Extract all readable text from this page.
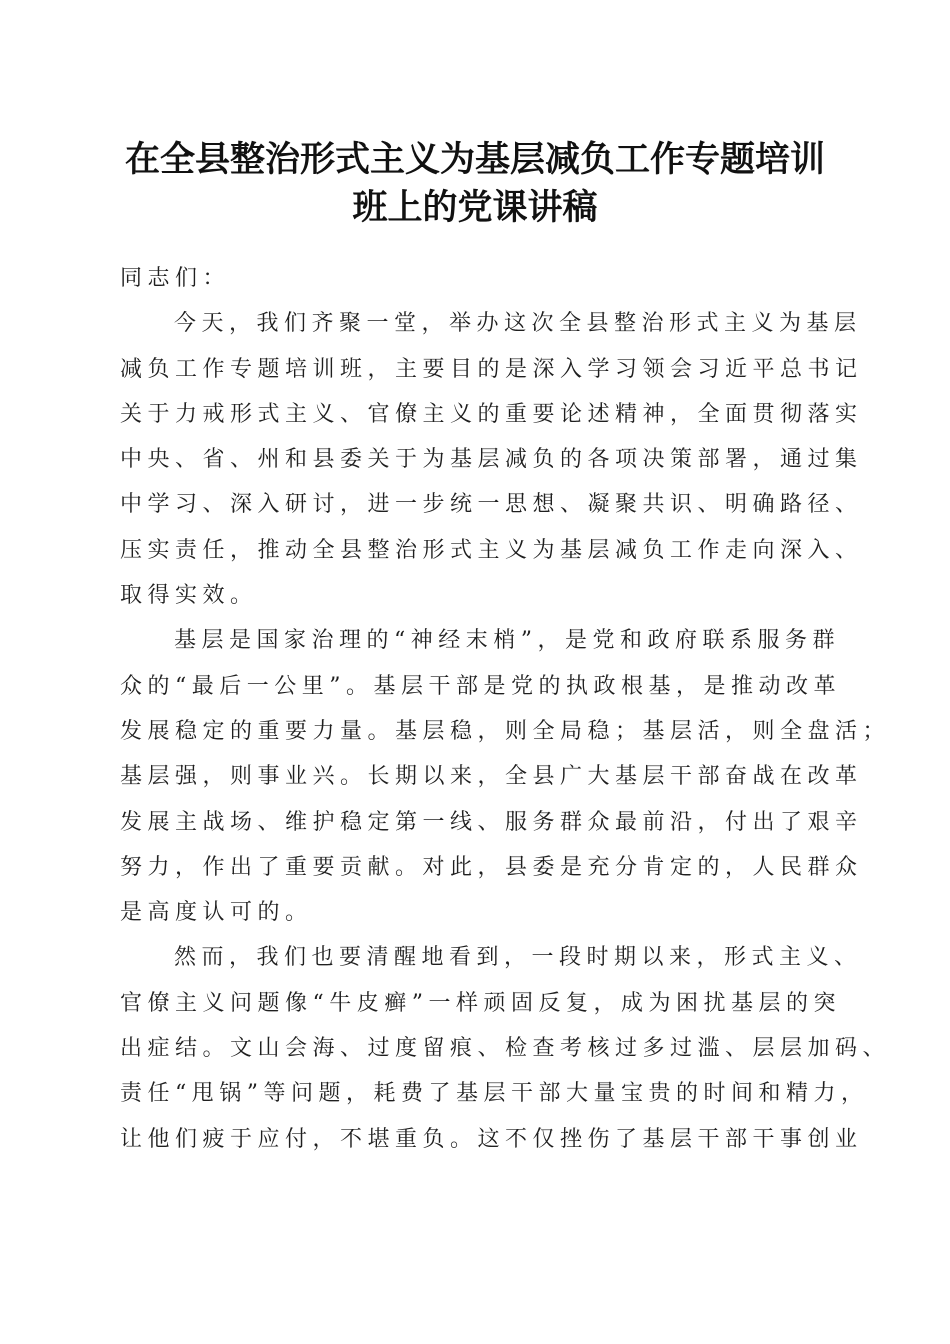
在全县整治形式主义为基层减负工作专题培训
班上的党课讲稿

同志们：

今天，我们齐聚一堂，举办这次全县整治形式主义为基层
减负工作专题培训班，主要目的是深入学习领会习近平总书记
关于力戒形式主义、官僚主义的重要论述精神，全面贯彻落实
中央、省、州和县委关于为基层减负的各项决策部署，通过集
中学习、深入研讨，进一步统一思想、凝聚共识、明确路径、
压实责任，推动全县整治形式主义为基层减负工作走向深入、
取得实效。

基层是国家治理的“神经末梢”，是党和政府联系服务群
众的“最后一公里”。基层干部是党的执政根基，是推动改革
发展稳定的重要力量。基层稳，则全局稳；基层活，则全盘活；
基层强，则事业兴。长期以来，全县广大基层干部奋战在改革
发展主战场、维护稳定第一线、服务群众最前沿，付出了艰辛
努力，作出了重要贡献。对此，县委是充分肯定的，人民群众
是高度认可的。

然而，我们也要清醒地看到，一段时期以来，形式主义、
官僚主义问题像“牛皮癣”一样顽固反复，成为困扰基层的突
出症结。文山会海、过度留痕、检查考核过多过滥、层层加码、
责任“甩锅”等问题，耗费了基层干部大量宝贵的时间和精力，
让他们疲于应付，不堪重负。这不仅挫伤了基层干部干事创业
